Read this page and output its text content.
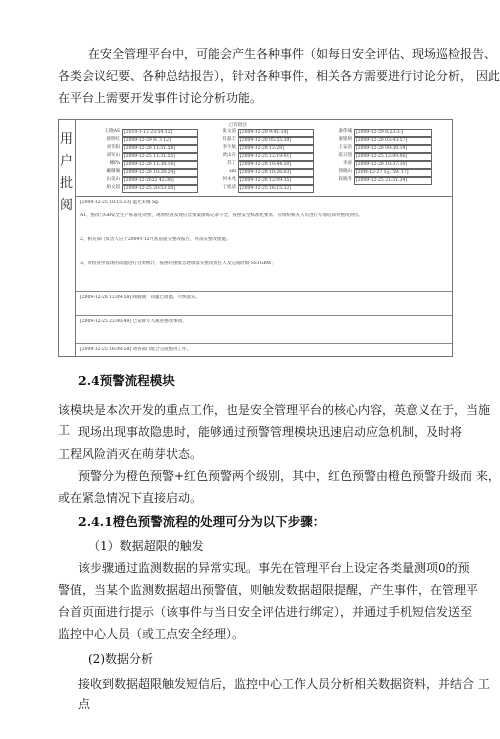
在安全管理平台中，可能会产生各种事件（如每日安全评估、现场巡检报告、
各类会议纪要、各种总结报告），针对各种事件，相关各方需要进行讨论分析， 因此
在平台上需要开发事件讨论分析功能。
用
户
批
阅
已有批注
王晓AS [2010-1-12 23:54:12]	张文清 [2009-12-29 9:41:14]	秦伟城 [2009-12-29 8:23:3-]
晨明红 [2009-12-29 8: 3 12]	符磊丰 [2009-12-28 05:55:39]	秦银炳 [2009-12-28 03:43:57]
刘冬阳 [2009-12-28 11:51:58]	李宇航 [2009-12-28 12:29]	王安浩 [2009-12-28 09:30:19]
刘军山 [2009-12-25 11:31:55]	贾山卉 [2009-12-25 12:19:01]	雷日凯 [2009-12-25 12:00:06]
柳Ph [2009-12-28 11:38:16]	苏丁 [2009-12-28 10:44:50]	李涛 [2009-12-28 10:37:30]
戴珊瑚 [2009-12-28 10:28:24]	xm [2009-12-28 10:26:03]	郭晓山 [20W-12-27 5:j, 59: 17]
山美山 [2009-12-2622 42:38]	何木兆 [2009-12-26 12:09:35]	段晓冬 [2009-12-25 21:51:34]
柏文超 [2009-12-25 20:53:50]	丁旭清 [2009-12-25 16:15:32]
[2009-12-25 10:15:13] 温光未阐 Sg.
A1、整改与GB安全生产标准化对照，现场检查发现应急预案演练记录不全，按照安全标准化要求，应组织相关人员进行专项培训并整改到位。
2、相关部门负责人应于2009年12月底前提交整改报告，并落实整改措施。
3、对检查中发现的问题进行分类统计，按照轻重缓急逐项落实整改责任人及完成时限 SSTGRW。
[2009-12-28 12:09:58] 陶晓丽：问题已收悉，尽快落实。
[2009-12-25 22:00:49] 已安排专人跟进整改事项。
[2009-12-25 16:09:58] 请各部门配合完成整改工作。
2.4预警流程模块
该模块是本次开发的重点工作，也是安全管理平台的核心内容，英意义在于，当施工 现场出现事故隐患时，能够通过预警管理模块迅速启动应急机制，及时将
工程风险消灭在萌芽状态。
预警分为橙色预警+红色预警两个级别，其中，红色预警由橙色预警升级而 来，
或在紧急情况下直接启动。
2.4.1橙色预警流程的处理可分为以下步骤：
（1）数据超限的触发
该步骤通过监测数据的异常实现。事先在管理平台上设定各类量测项0的预
警值，当某个监测数据超出预警值，则触发数据超限提醒，产生事件，在管理平
台首页面进行提示（该事件与当日安全评估进行绑定），并通过手机短信发送至
监控中心人员（或工点安全经理）。
(2)数据分析
接收到数据超限触发短信后，监控中心工作人员分析相关数据资料，并结合 工点
